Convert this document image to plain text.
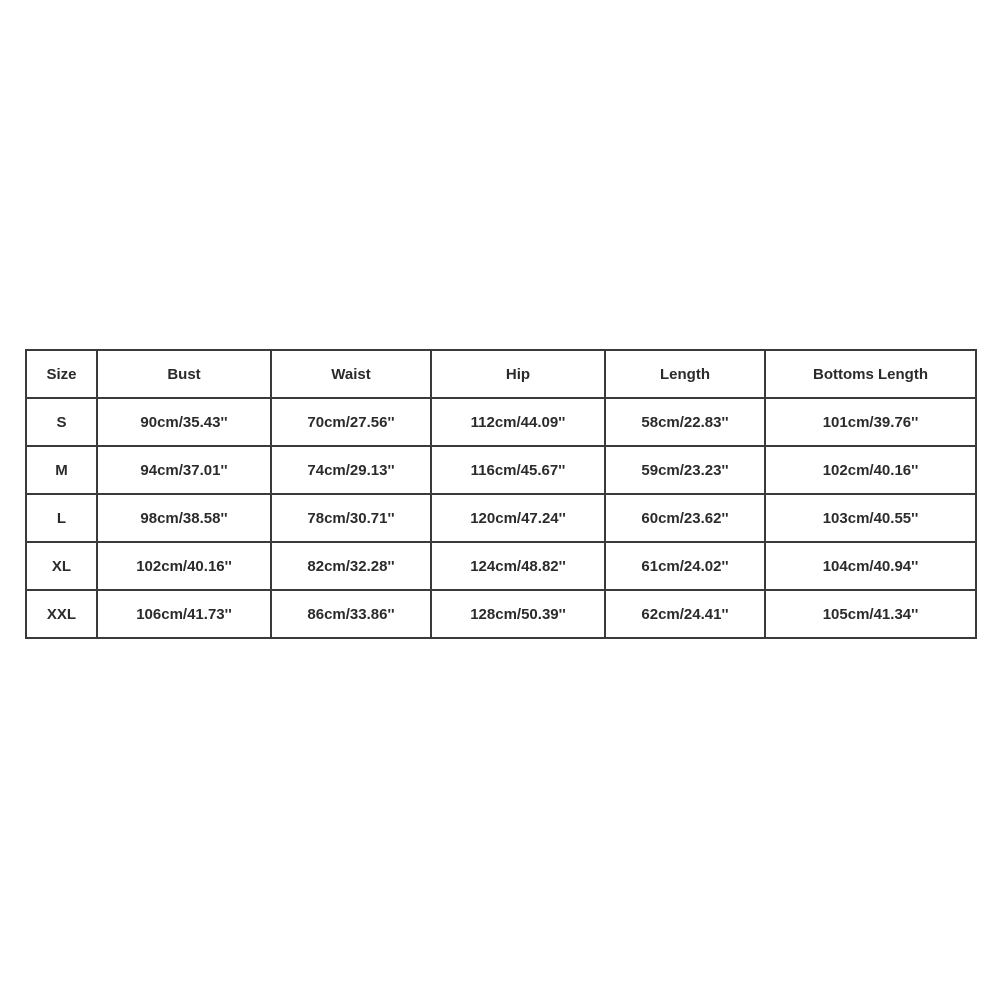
Size	Bust	Waist	Hip	Length	Bottoms Length
S	90cm/35.43''	70cm/27.56''	112cm/44.09''	58cm/22.83''	101cm/39.76''
M	94cm/37.01''	74cm/29.13''	116cm/45.67''	59cm/23.23''	102cm/40.16''
L	98cm/38.58''	78cm/30.71''	120cm/47.24''	60cm/23.62''	103cm/40.55''
XL	102cm/40.16''	82cm/32.28''	124cm/48.82''	61cm/24.02''	104cm/40.94''
XXL	106cm/41.73''	86cm/33.86''	128cm/50.39''	62cm/24.41''	105cm/41.34''
